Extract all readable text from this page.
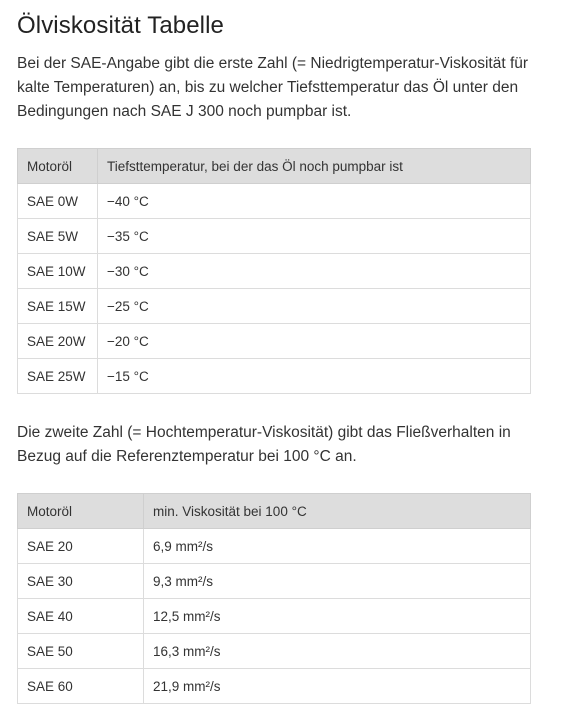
Ölviskosität Tabelle

Bei der SAE-Angabe gibt die erste Zahl (= Niedrigtemperatur-Viskosität für kalte Temperaturen) an, bis zu welcher Tiefsttemperatur das Öl unter den Bedingungen nach SAE J 300 noch pumpbar ist.

Motoröl	Tiefsttemperatur, bei der das Öl noch pumpbar ist
SAE 0W	−40 °C
SAE 5W	−35 °C
SAE 10W	−30 °C
SAE 15W	−25 °C
SAE 20W	−20 °C
SAE 25W	−15 °C

Die zweite Zahl (= Hochtemperatur-Viskosität) gibt das Fließverhalten in Bezug auf die Referenztemperatur bei 100 °C an.

Motoröl	min. Viskosität bei 100 °C
SAE 20	6,9 mm²/s
SAE 30	9,3 mm²/s
SAE 40	12,5 mm²/s
SAE 50	16,3 mm²/s
SAE 60	21,9 mm²/s
